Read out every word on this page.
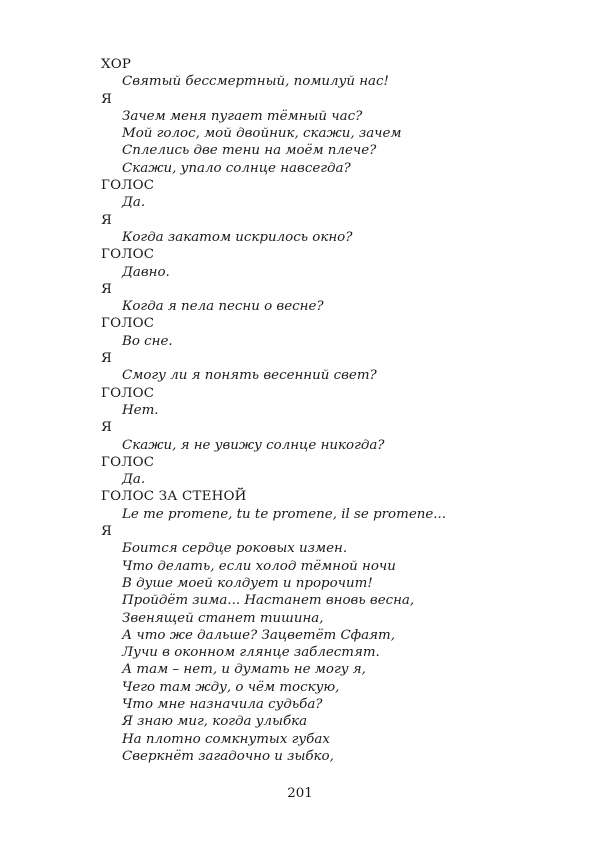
ХОР
Святый бессмертный, помилуй нас!
Я
Зачем меня пугает тёмный час?
Мой голос, мой двойник, скажи, зачем
Сплелись две тени на моём плече?
Скажи, упало солнце навсегда?
ГОЛОС
Да.
Я
Когда закатом искрилось окно?
ГОЛОС
Давно.
Я
Когда я пела песни о весне?
ГОЛОС
Во сне.
Я
Смогу ли я понять весенний свет?
ГОЛОС
Нет.
Я
Скажи, я не увижу солнце никогда?
ГОЛОС
Да.
ГОЛОС ЗА СТЕНОЙ
Le me promene, tu te promene, il se promene...
Я
Боится сердце роковых измен.
Что делать, если холод тёмной ночи
В душе моей колдует и пророчит!
Пройдёт зима... Настанет вновь весна,
Звенящей станет тишина,
А что же дальше? Зацветёт Сфаят,
Лучи в оконном глянце заблестят.
А там – нет, и думать не могу я,
Чего там жду, о чём тоскую,
Что мне назначила судьба?
Я знаю миг, когда улыбка
На плотно сомкнутых губах
Сверкнёт загадочно и зыбко,
201
